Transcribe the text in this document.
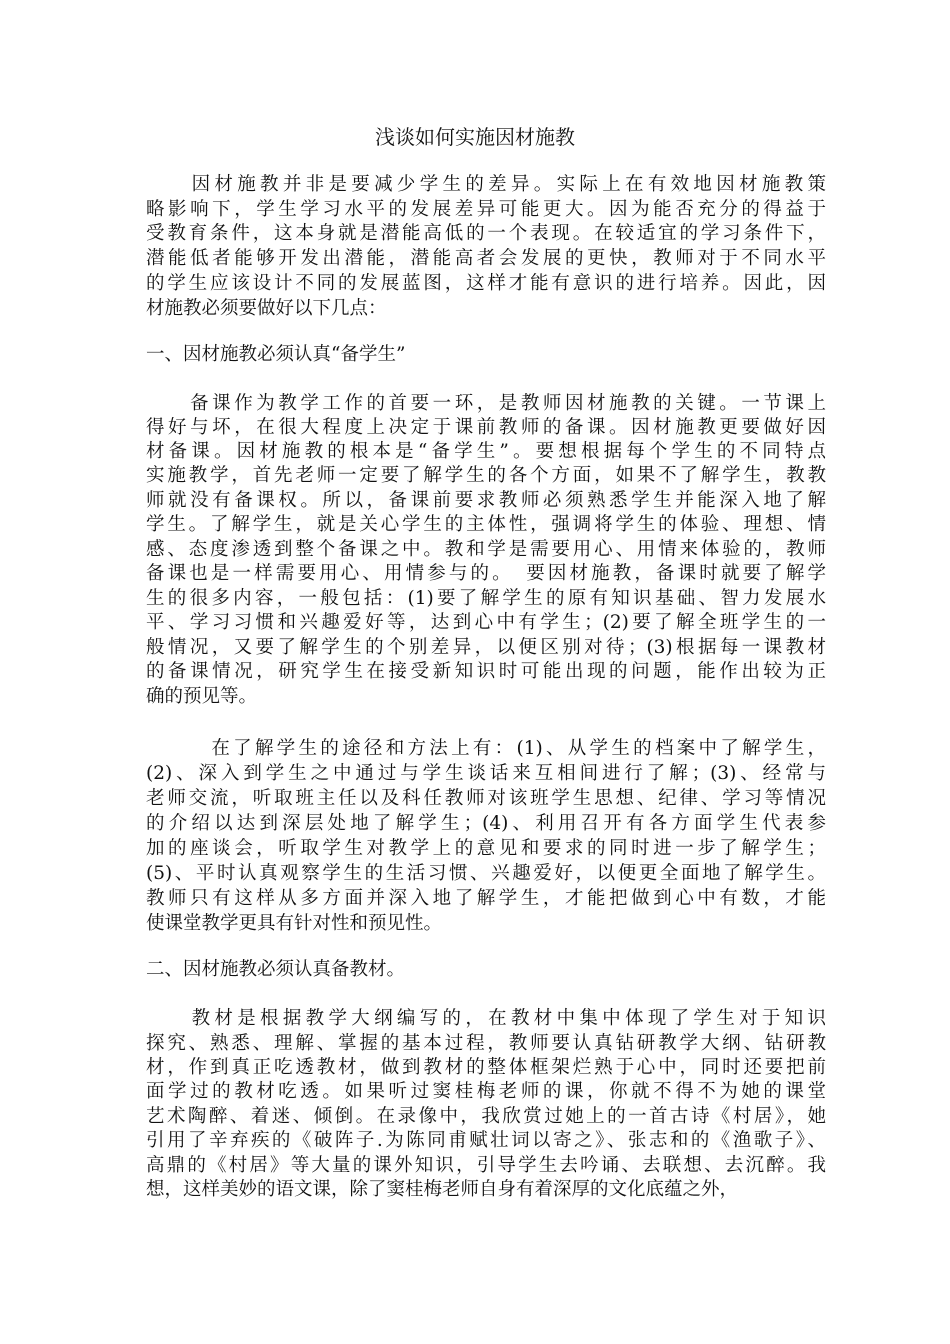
浅谈如何实施因材施教
　　因材施教并非是要减少学生的差异。实际上在有效地因材施教策
略影响下，学生学习水平的发展差异可能更大。因为能否充分的得益于
受教育条件，这本身就是潜能高低的一个表现。在较适宜的学习条件下，
潜能低者能够开发出潜能，潜能高者会发展的更快，教师对于不同水平
的学生应该设计不同的发展蓝图，这样才能有意识的进行培养。因此，因
材施教必须要做好以下几点：
一、因材施教必须认真“备学生”
　　备课作为教学工作的首要一环，是教师因材施教的关键。一节课上
得好与坏，在很大程度上决定于课前教师的备课。因材施教更要做好因
材备课。因材施教的根本是“备学生”。要想根据每个学生的不同特点
实施教学，首先老师一定要了解学生的各个方面，如果不了解学生，教教
师就没有备课权。所以，备课前要求教师必须熟悉学生并能深入地了解
学生。了解学生，就是关心学生的主体性，强调将学生的体验、理想、情
感、态度渗透到整个备课之中。教和学是需要用心、用情来体验的，教师
备课也是一样需要用心、用情参与的。　要因材施教，备课时就要了解学
生的很多内容，一般包括：(1)要了解学生的原有知识基础、智力发展水
平、学习习惯和兴趣爱好等，达到心中有学生；(2)要了解全班学生的一
般情况，又要了解学生的个别差异，以便区别对待；(3)根据每一课教材
的备课情况，研究学生在接受新知识时可能出现的问题，能作出较为正
确的预见等。
　　　在了解学生的途径和方法上有：(1)、从学生的档案中了解学生，
(2)、深入到学生之中通过与学生谈话来互相间进行了解；(3)、经常与
老师交流，听取班主任以及科任教师对该班学生思想、纪律、学习等情况
的介绍以达到深层处地了解学生；(4)、利用召开有各方面学生代表参
加的座谈会，听取学生对教学上的意见和要求的同时进一步了解学生；
(5)、平时认真观察学生的生活习惯、兴趣爱好，以便更全面地了解学生。
教师只有这样从多方面并深入地了解学生，才能把做到心中有数，才能
使课堂教学更具有针对性和预见性。
二、因材施教必须认真备教材。
　　教材是根据教学大纲编写的，在教材中集中体现了学生对于知识
探究、熟悉、理解、掌握的基本过程，教师要认真钻研教学大纲、钻研教
材，作到真正吃透教材，做到教材的整体框架烂熟于心中，同时还要把前
面学过的教材吃透。如果听过窦桂梅老师的课，你就不得不为她的课堂
艺术陶醉、着迷、倾倒。在录像中，我欣赏过她上的一首古诗《村居》，她
引用了辛弃疾的《破阵子.为陈同甫赋壮词以寄之》、张志和的《渔歌子》、
高鼎的《村居》等大量的课外知识，引导学生去吟诵、去联想、去沉醉。我
想，这样美妙的语文课，除了窦桂梅老师自身有着深厚的文化底蕴之外，
